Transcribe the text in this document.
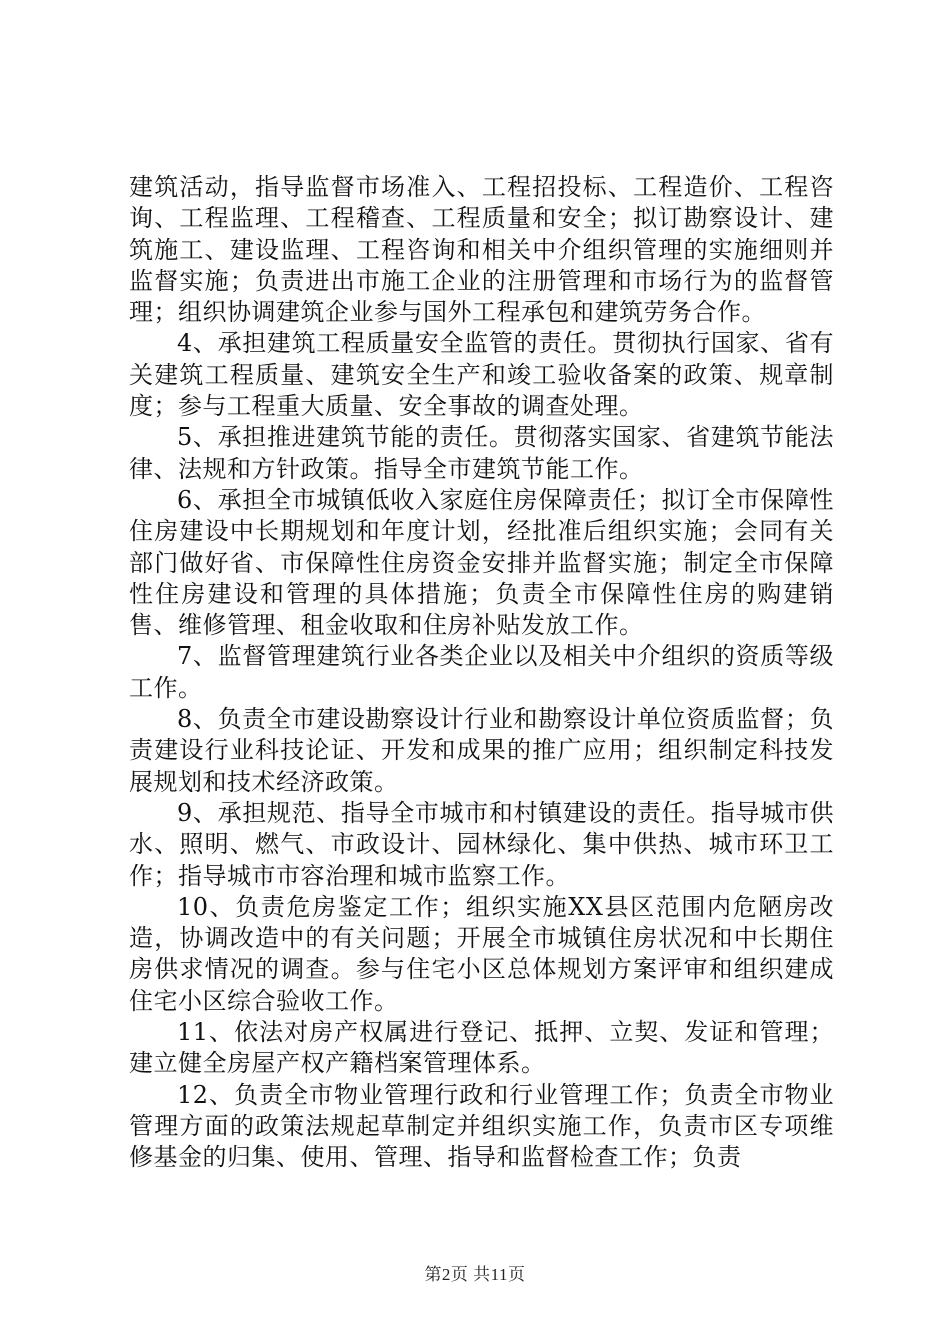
建筑活动，指导监督市场准入、工程招投标、工程造价、工程咨询、工程监理、工程稽查、工程质量和安全；拟订勘察设计、建筑施工、建设监理、工程咨询和相关中介组织管理的实施细则并监督实施；负责进出市施工企业的注册管理和市场行为的监督管理；组织协调建筑企业参与国外工程承包和建筑劳务合作。

4、承担建筑工程质量安全监管的责任。贯彻执行国家、省有关建筑工程质量、建筑安全生产和竣工验收备案的政策、规章制度；参与工程重大质量、安全事故的调查处理。

5、承担推进建筑节能的责任。贯彻落实国家、省建筑节能法律、法规和方针政策。指导全市建筑节能工作。

6、承担全市城镇低收入家庭住房保障责任；拟订全市保障性住房建设中长期规划和年度计划，经批准后组织实施；会同有关部门做好省、市保障性住房资金安排并监督实施；制定全市保障性住房建设和管理的具体措施；负责全市保障性住房的购建销售、维修管理、租金收取和住房补贴发放工作。

7、监督管理建筑行业各类企业以及相关中介组织的资质等级工作。

8、负责全市建设勘察设计行业和勘察设计单位资质监督；负责建设行业科技论证、开发和成果的推广应用；组织制定科技发展规划和技术经济政策。

9、承担规范、指导全市城市和村镇建设的责任。指导城市供水、照明、燃气、市政设计、园林绿化、集中供热、城市环卫工作；指导城市市容治理和城市监察工作。

10、负责危房鉴定工作；组织实施XX县区范围内危陋房改造，协调改造中的有关问题；开展全市城镇住房状况和中长期住房供求情况的调查。参与住宅小区总体规划方案评审和组织建成住宅小区综合验收工作。

11、依法对房产权属进行登记、抵押、立契、发证和管理；建立健全房屋产权产籍档案管理体系。

12、负责全市物业管理行政和行业管理工作；负责全市物业管理方面的政策法规起草制定并组织实施工作，负责市区专项维修基金的归集、使用、管理、指导和监督检查工作；负责

第2页 共11页
